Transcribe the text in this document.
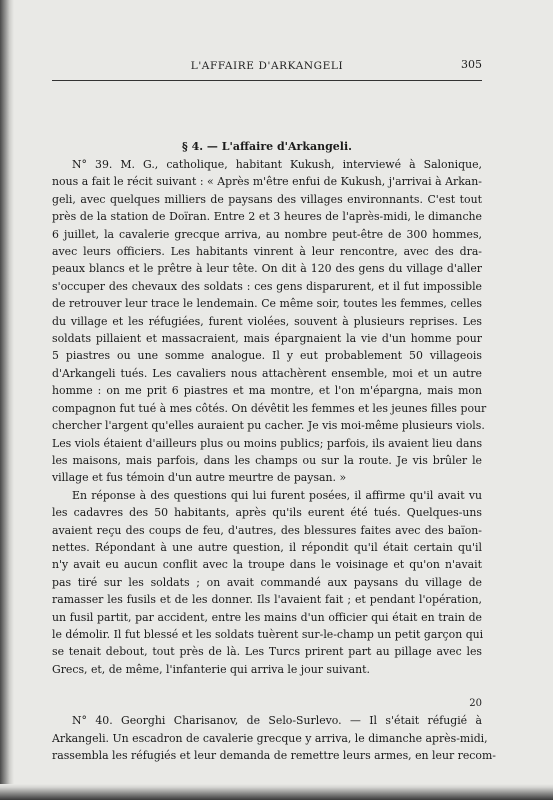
L'AFFAIRE D'ARKANGELI	305
§ 4. — L'affaire d'Arkangeli.
N° 39. M. G., catholique, habitant Kukush, interviewé à Salonique,
nous a fait le récit suivant : « Après m'être enfui de Kukush, j'arrivai à Arkan-
geli, avec quelques milliers de paysans des villages environnants. C'est tout
près de la station de Doïran. Entre 2 et 3 heures de l'après-midi, le dimanche
6 juillet, la cavalerie grecque arriva, au nombre peut-être de 300 hommes,
avec leurs officiers. Les habitants vinrent à leur rencontre, avec des dra-
peaux blancs et le prêtre à leur tête. On dit à 120 des gens du village d'aller
s'occuper des chevaux des soldats : ces gens disparurent, et il fut impossible
de retrouver leur trace le lendemain. Ce même soir, toutes les femmes, celles
du village et les réfugiées, furent violées, souvent à plusieurs reprises. Les
soldats pillaient et massacraient, mais épargnaient la vie d'un homme pour
5 piastres ou une somme analogue. Il y eut probablement 50 villageois
d'Arkangeli tués. Les cavaliers nous attachèrent ensemble, moi et un autre
homme : on me prit 6 piastres et ma montre, et l'on m'épargna, mais mon
compagnon fut tué à mes côtés. On dévêtit les femmes et les jeunes filles pour
chercher l'argent qu'elles auraient pu cacher. Je vis moi-même plusieurs viols.
Les viols étaient d'ailleurs plus ou moins publics; parfois, ils avaient lieu dans
les maisons, mais parfois, dans les champs ou sur la route. Je vis brûler le
village et fus témoin d'un autre meurtre de paysan. »
En réponse à des questions qui lui furent posées, il affirme qu'il avait vu
les cadavres des 50 habitants, après qu'ils eurent été tués. Quelques-uns
avaient reçu des coups de feu, d'autres, des blessures faites avec des baïon-
nettes. Répondant à une autre question, il répondit qu'il était certain qu'il
n'y avait eu aucun conflit avec la troupe dans le voisinage et qu'on n'avait
pas tiré sur les soldats ; on avait commandé aux paysans du village de
ramasser les fusils et de les donner. Ils l'avaient fait ; et pendant l'opération,
un fusil partit, par accident, entre les mains d'un officier qui était en train de
le démolir. Il fut blessé et les soldats tuèrent sur-le-champ un petit garçon qui
se tenait debout, tout près de là. Les Turcs prirent part au pillage avec les
Grecs, et, de même, l'infanterie qui arriva le jour suivant.
N° 40. Georghi Charisanov, de Selo-Surlevo. — Il s'était réfugié à
Arkangeli. Un escadron de cavalerie grecque y arriva, le dimanche après-midi,
rassembla les réfugiés et leur demanda de remettre leurs armes, en leur recom-
20
